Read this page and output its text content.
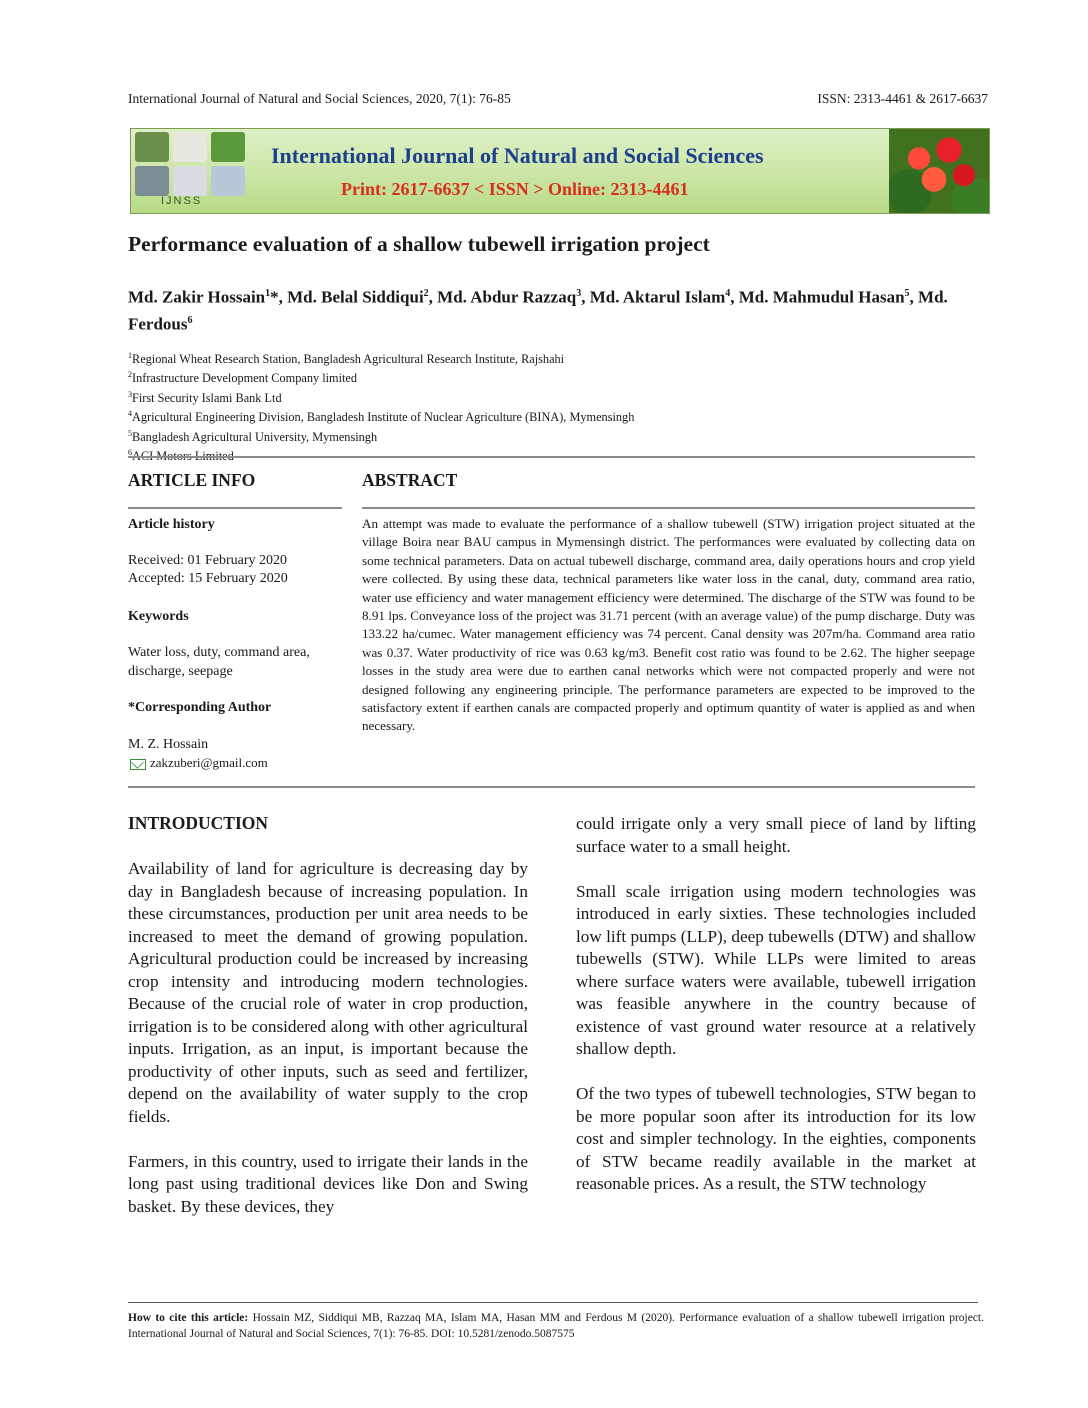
International Journal of Natural and Social Sciences, 2020, 7(1): 76-85	ISSN: 2313-4461 & 2617-6637
IJNSS
International Journal of Natural and Social Sciences
Print: 2617-6637 < ISSN > Online: 2313-4461
Performance evaluation of a shallow tubewell irrigation project
Md. Zakir Hossain$^1$*, Md. Belal Siddiqui$^2$, Md. Abdur Razzaq$^3$, Md. Aktarul Islam$^4$, Md. Mahmudul Hasan$^5$, Md. Ferdous$^6$
$^1$Regional Wheat Research Station, Bangladesh Agricultural Research Institute, Rajshahi
$^2$Infrastructure Development Company limited
$^3$First Security Islami Bank Ltd
$^4$Agricultural Engineering Division, Bangladesh Institute of Nuclear Agriculture (BINA), Mymensingh
$^5$Bangladesh Agricultural University, Mymensingh
$^6$ACI Motors Limited
ARTICLE INFO
Article history
Received: 01 February 2020
Accepted: 15 February 2020
Keywords
Water loss, duty, command area, discharge, seepage
*Corresponding Author
M. Z. Hossain
zakzuberi@gmail.com
ABSTRACT
An attempt was made to evaluate the performance of a shallow tubewell (STW) irrigation project situated at the village Boira near BAU campus in Mymensingh district. The performances were evaluated by collecting data on some technical parameters. Data on actual tubewell discharge, command area, daily operations hours and crop yield were collected. By using these data, technical parameters like water loss in the canal, duty, command area ratio, water use efficiency and water management efficiency were determined. The discharge of the STW was found to be 8.91 lps. Conveyance loss of the project was 31.71 percent (with an average value) of the pump discharge. Duty was 133.22 ha/cumec. Water management efficiency was 74 percent. Canal density was 207m/ha. Command area ratio was 0.37. Water productivity of rice was 0.63 kg/m3. Benefit cost ratio was found to be 2.62. The higher seepage losses in the study area were due to earthen canal networks which were not compacted properly and were not designed following any engineering principle. The performance parameters are expected to be improved to the satisfactory extent if earthen canals are compacted properly and optimum quantity of water is applied as and when necessary.
INTRODUCTION

Availability of land for agriculture is decreasing day by day in Bangladesh because of increasing population. In these circumstances, production per unit area needs to be increased to meet the demand of growing population. Agricultural production could be increased by increasing crop intensity and introducing modern technologies. Because of the crucial role of water in crop production, irrigation is to be considered along with other agricultural inputs. Irrigation, as an input, is important because the productivity of other inputs, such as seed and fertilizer, depend on the availability of water supply to the crop fields.

Farmers, in this country, used to irrigate their lands in the long past using traditional devices like Don and Swing basket. By these devices, they

could irrigate only a very small piece of land by lifting surface water to a small height.

Small scale irrigation using modern technologies was introduced in early sixties. These technologies included low lift pumps (LLP), deep tubewells (DTW) and shallow tubewells (STW). While LLPs were limited to areas where surface waters were available, tubewell irrigation was feasible anywhere in the country because of existence of vast ground water resource at a relatively shallow depth.

Of the two types of tubewell technologies, STW began to be more popular soon after its introduction for its low cost and simpler technology. In the eighties, components of STW became readily available in the market at reasonable prices. As a result, the STW technology

How to cite this article: Hossain MZ, Siddiqui MB, Razzaq MA, Islam MA, Hasan MM and Ferdous M (2020). Performance evaluation of a shallow tubewell irrigation project. International Journal of Natural and Social Sciences, 7(1): 76-85. DOI: 10.5281/zenodo.5087575
